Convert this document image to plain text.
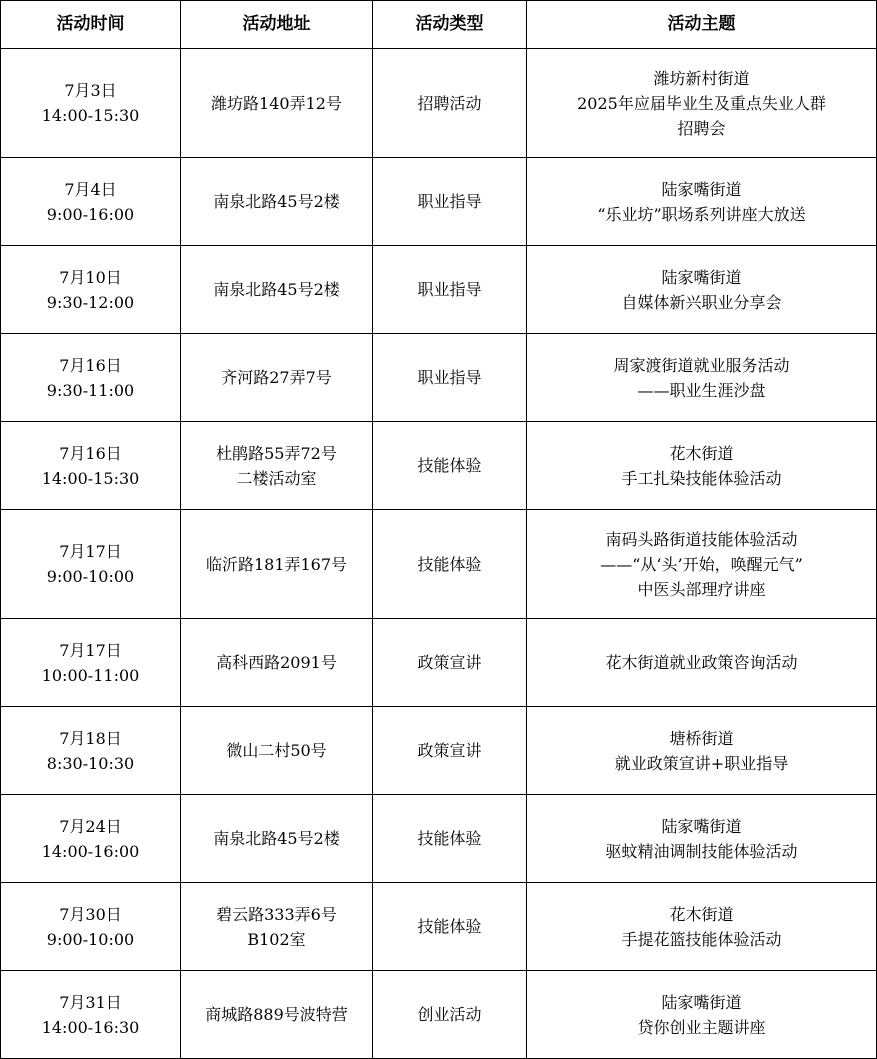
活动时间	活动地址	活动类型	活动主题

7月3日
14:00-15:30	潍坊路140弄12号	招聘活动	潍坊新村街道
2025年应届毕业生及重点失业人群
招聘会

7月4日
9:00-16:00	南泉北路45号2楼	职业指导	陆家嘴街道
“乐业坊”职场系列讲座大放送

7月10日
9:30-12:00	南泉北路45号2楼	职业指导	陆家嘴街道
自媒体新兴职业分享会

7月16日
9:30-11:00	齐河路27弄7号	职业指导	周家渡街道就业服务活动
——职业生涯沙盘

7月16日
14:00-15:30	杜鹃路55弄72号
二楼活动室	技能体验	花木街道
手工扎染技能体验活动

7月17日
9:00-10:00	临沂路181弄167号	技能体验	南码头路街道技能体验活动
——“从‘头’开始，唤醒元气”
中医头部理疗讲座

7月17日
10:00-11:00	高科西路2091号	政策宣讲	花木街道就业政策咨询活动

7月18日
8:30-10:30	微山二村50号	政策宣讲	塘桥街道
就业政策宣讲+职业指导

7月24日
14:00-16:00	南泉北路45号2楼	技能体验	陆家嘴街道
驱蚊精油调制技能体验活动

7月30日
9:00-10:00	碧云路333弄6号
B102室	技能体验	花木街道
手提花篮技能体验活动

7月31日
14:00-16:30	商城路889号波特营	创业活动	陆家嘴街道
贷你创业主题讲座
